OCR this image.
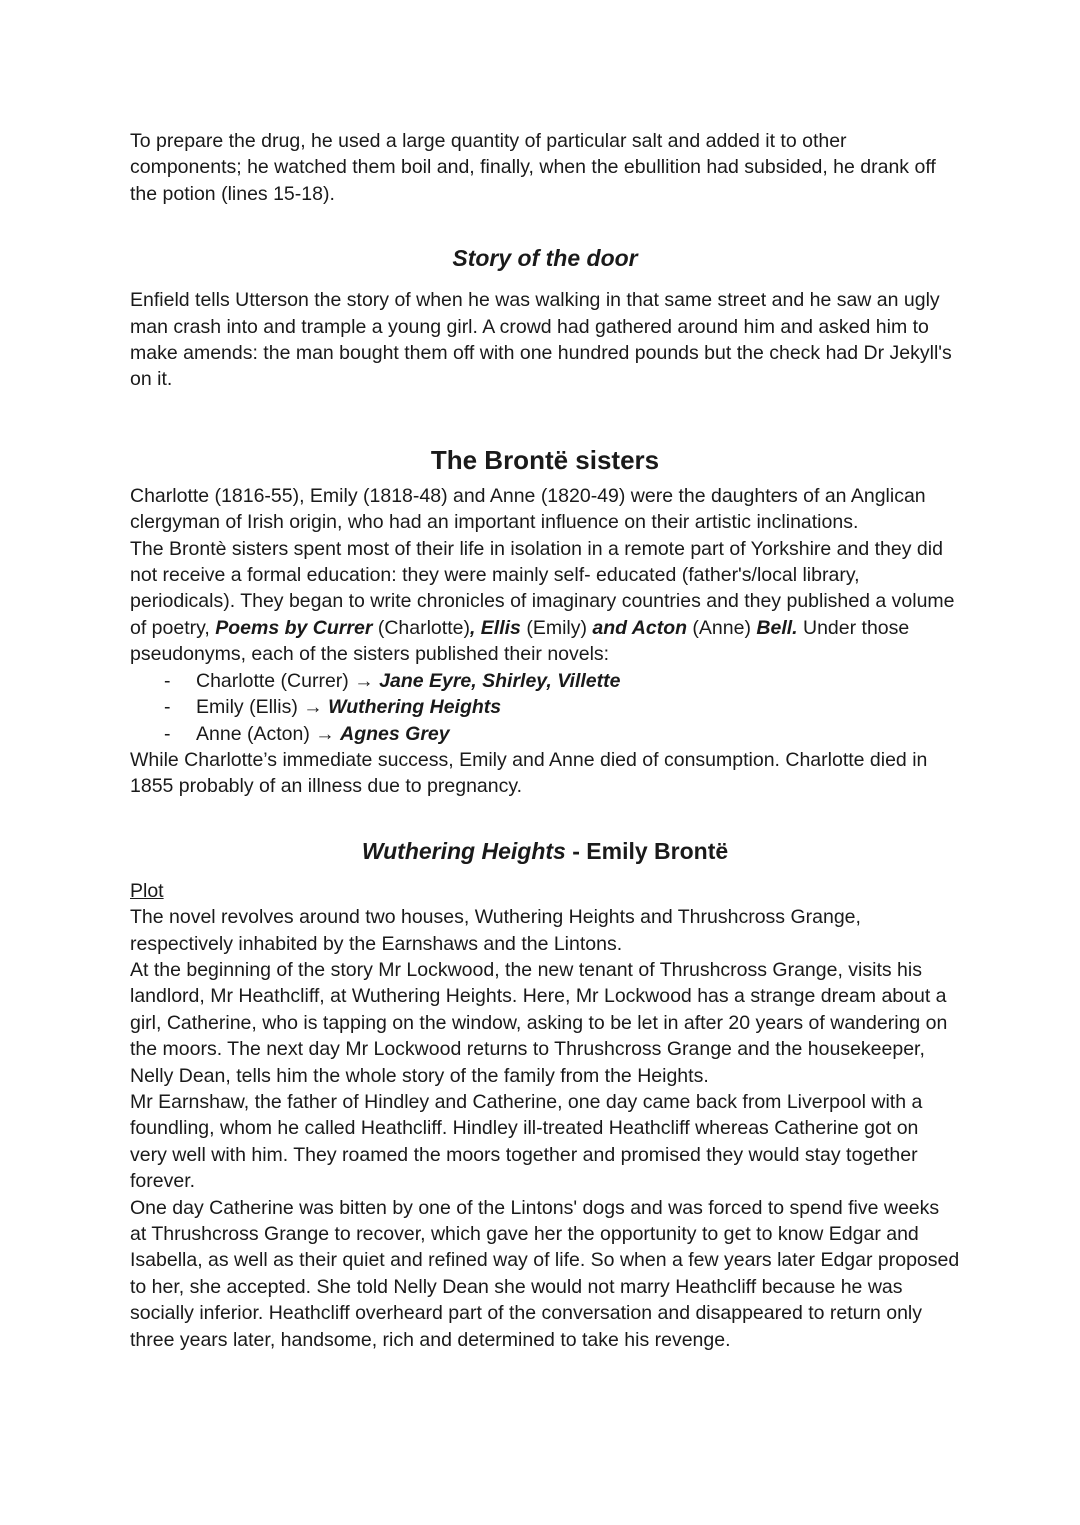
To prepare the drug, he used a large quantity of particular salt and added it to other components; he watched them boil and, finally, when the ebullition had subsided, he drank off the potion (lines 15-18).

Story of the door

Enfield tells Utterson the story of when he was walking in that same street and he saw an ugly man crash into and trample a young girl. A crowd had gathered around him and asked him to make amends: the man bought them off with one hundred pounds but the check had Dr Jekyll's on it.

The Brontë sisters

Charlotte (1816-55), Emily (1818-48) and Anne (1820-49) were the daughters of an Anglican clergyman of Irish origin, who had an important influence on their artistic inclinations.

The Brontè sisters spent most of their life in isolation in a remote part of Yorkshire and they did not receive a formal education: they were mainly self- educated (father's/local library, periodicals). They began to write chronicles of imaginary countries and they published a volume of poetry, Poems by Currer (Charlotte), Ellis (Emily) and Acton (Anne) Bell. Under those pseudonyms, each of the sisters published their novels:

- Charlotte (Currer) → Jane Eyre, Shirley, Villette
- Emily (Ellis) → Wuthering Heights
- Anne (Acton) → Agnes Grey

While Charlotte’s immediate success, Emily and Anne died of consumption. Charlotte died in 1855 probably of an illness due to pregnancy.

Wuthering Heights - Emily Brontë

Plot

The novel revolves around two houses, Wuthering Heights and Thrushcross Grange, respectively inhabited by the Earnshaws and the Lintons.

At the beginning of the story Mr Lockwood, the new tenant of Thrushcross Grange, visits his landlord, Mr Heathcliff, at Wuthering Heights. Here, Mr Lockwood has a strange dream about a girl, Catherine, who is tapping on the window, asking to be let in after 20 years of wandering on the moors. The next day Mr Lockwood returns to Thrushcross Grange and the housekeeper, Nelly Dean, tells him the whole story of the family from the Heights.

Mr Earnshaw, the father of Hindley and Catherine, one day came back from Liverpool with a foundling, whom he called Heathcliff. Hindley ill-treated Heathcliff whereas Catherine got on very well with him. They roamed the moors together and promised they would stay together forever.

One day Catherine was bitten by one of the Lintons' dogs and was forced to spend five weeks at Thrushcross Grange to recover, which gave her the opportunity to get to know Edgar and Isabella, as well as their quiet and refined way of life. So when a few years later Edgar proposed to her, she accepted. She told Nelly Dean she would not marry Heathcliff because he was socially inferior. Heathcliff overheard part of the conversation and disappeared to return only three years later, handsome, rich and determined to take his revenge.
